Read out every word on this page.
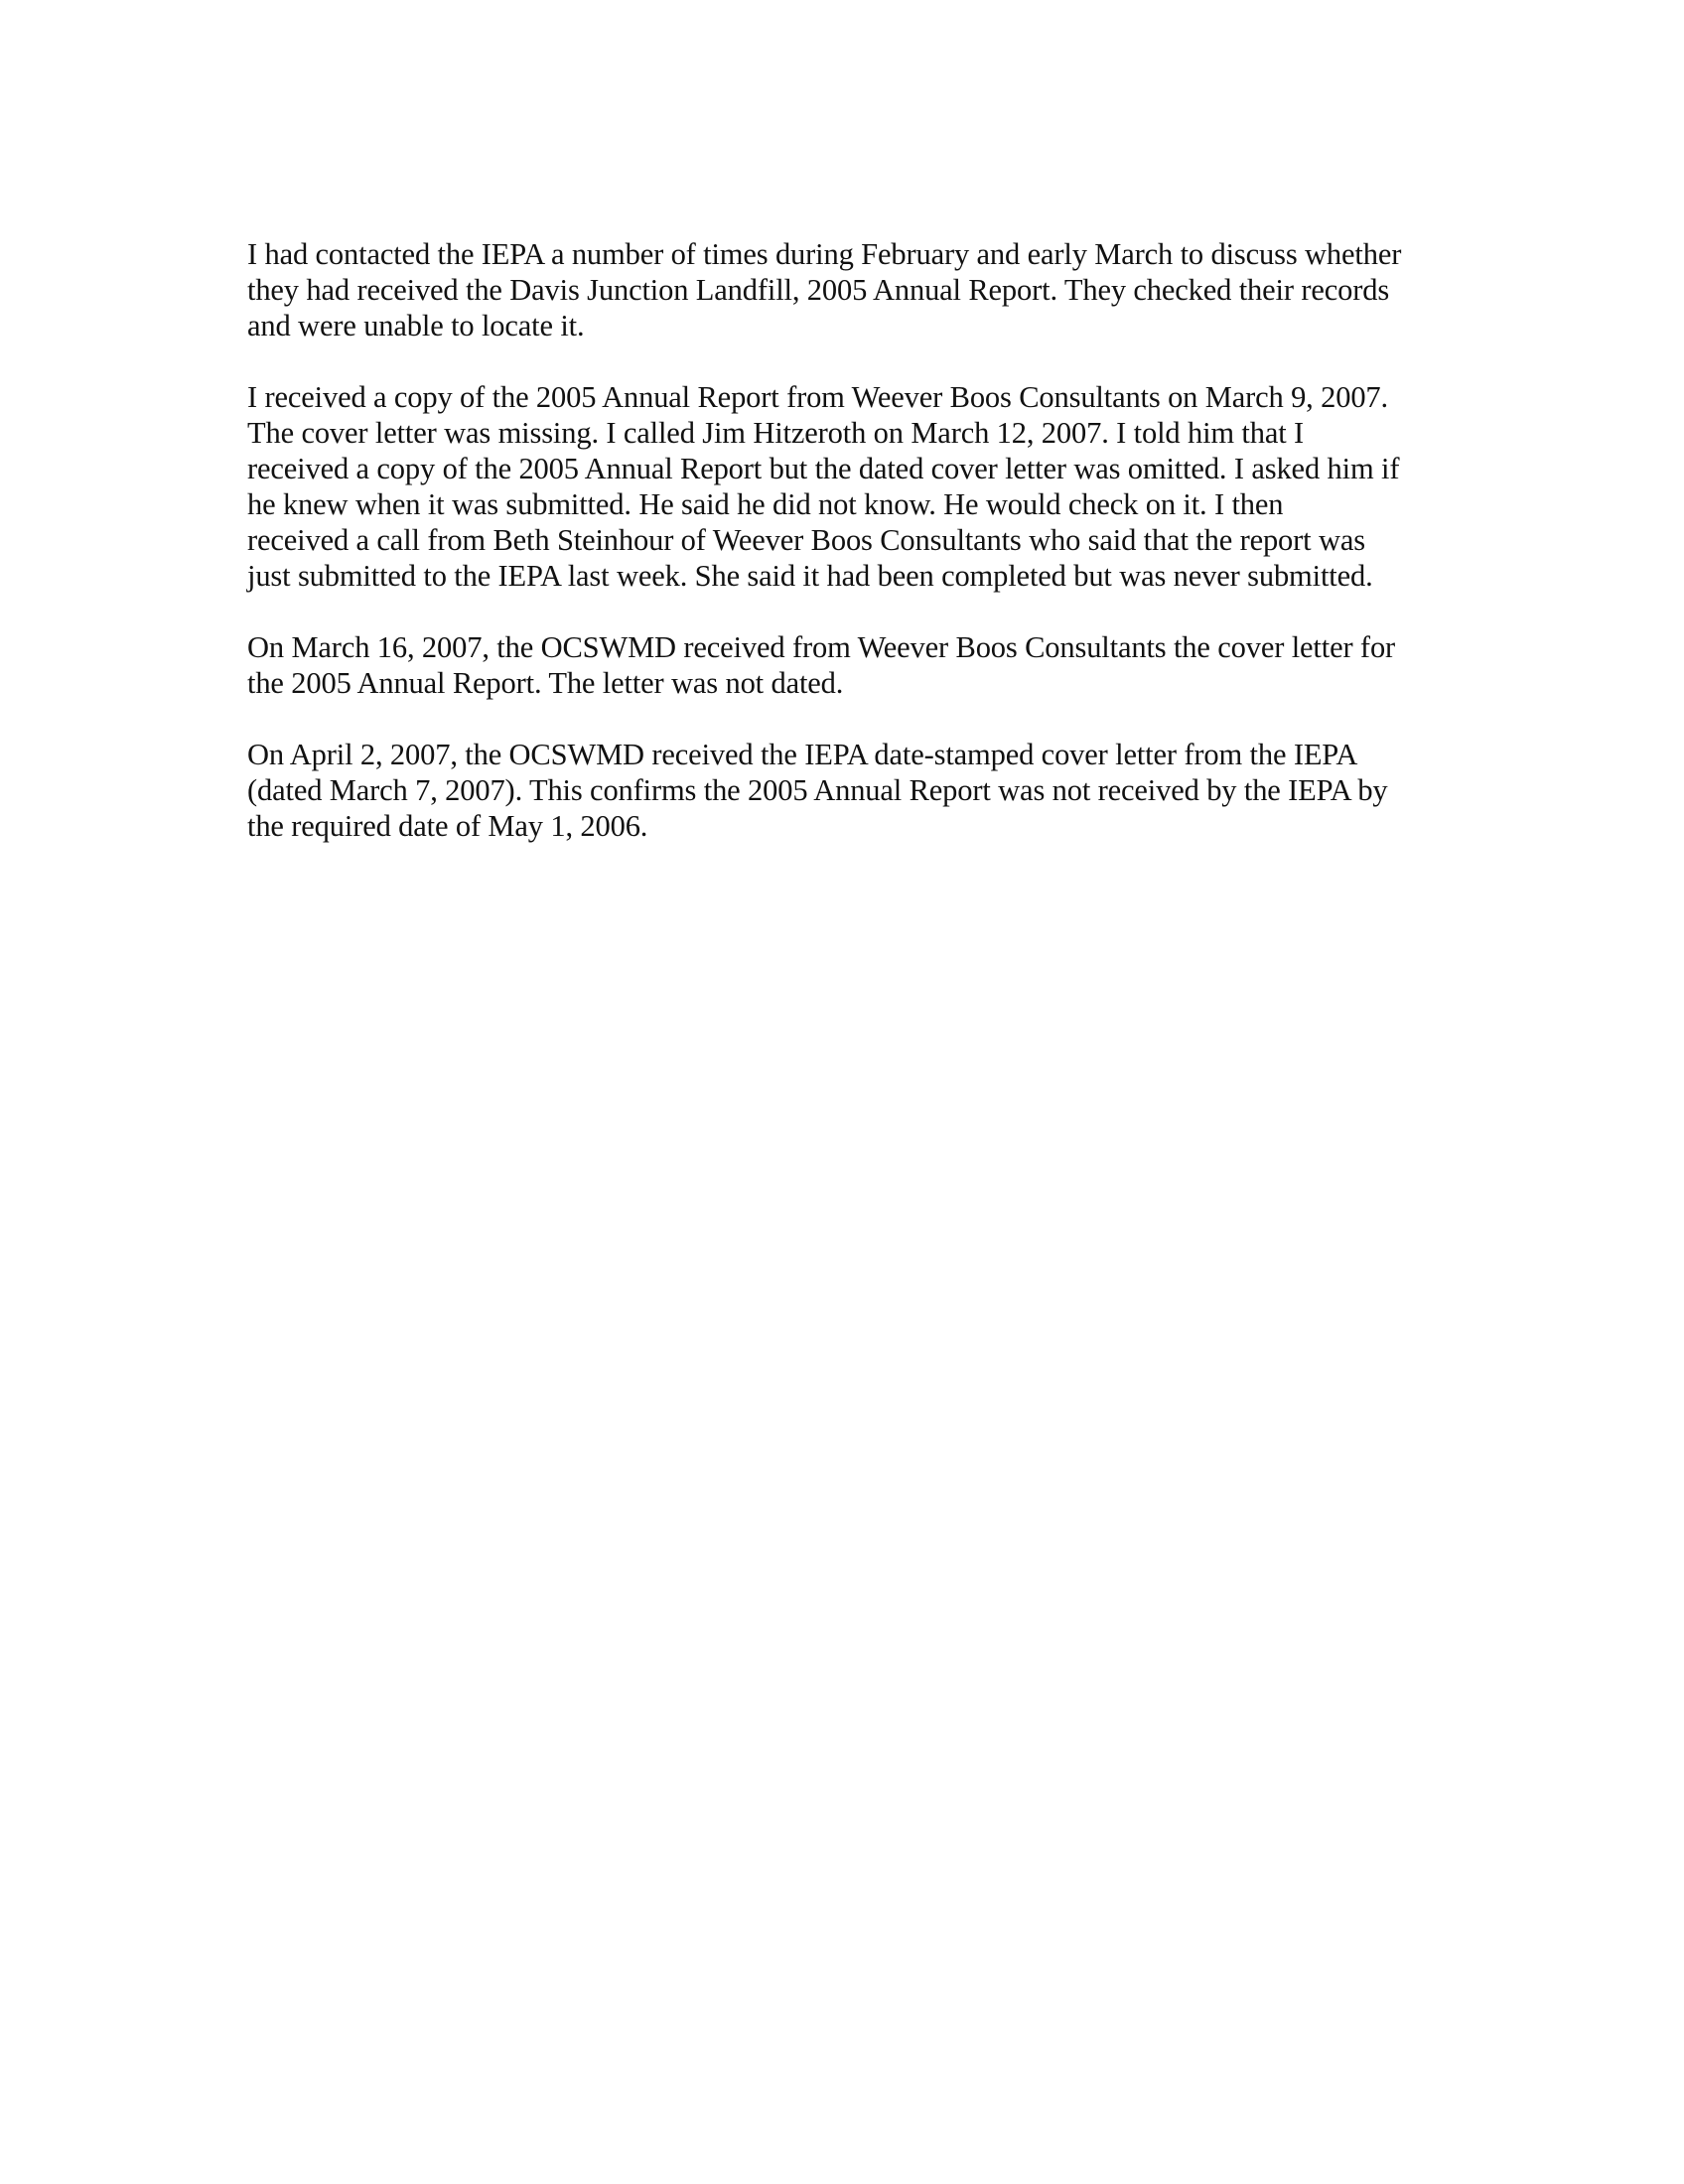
I had contacted the IEPA a number of times during February and early March to discuss whether
they had received the Davis Junction Landfill, 2005 Annual Report. They checked their records
and were unable to locate it.

I received a copy of the 2005 Annual Report from Weever Boos Consultants on March 9, 2007.
The cover letter was missing. I called Jim Hitzeroth on March 12, 2007. I told him that I
received a copy of the 2005 Annual Report but the dated cover letter was omitted. I asked him if
he knew when it was submitted. He said he did not know. He would check on it. I then
received a call from Beth Steinhour of Weever Boos Consultants who said that the report was
just submitted to the IEPA last week. She said it had been completed but was never submitted.

On March 16, 2007, the OCSWMD received from Weever Boos Consultants the cover letter for
the 2005 Annual Report. The letter was not dated.

On April 2, 2007, the OCSWMD received the IEPA date-stamped cover letter from the IEPA
(dated March 7, 2007). This confirms the 2005 Annual Report was not received by the IEPA by
the required date of May 1, 2006.
